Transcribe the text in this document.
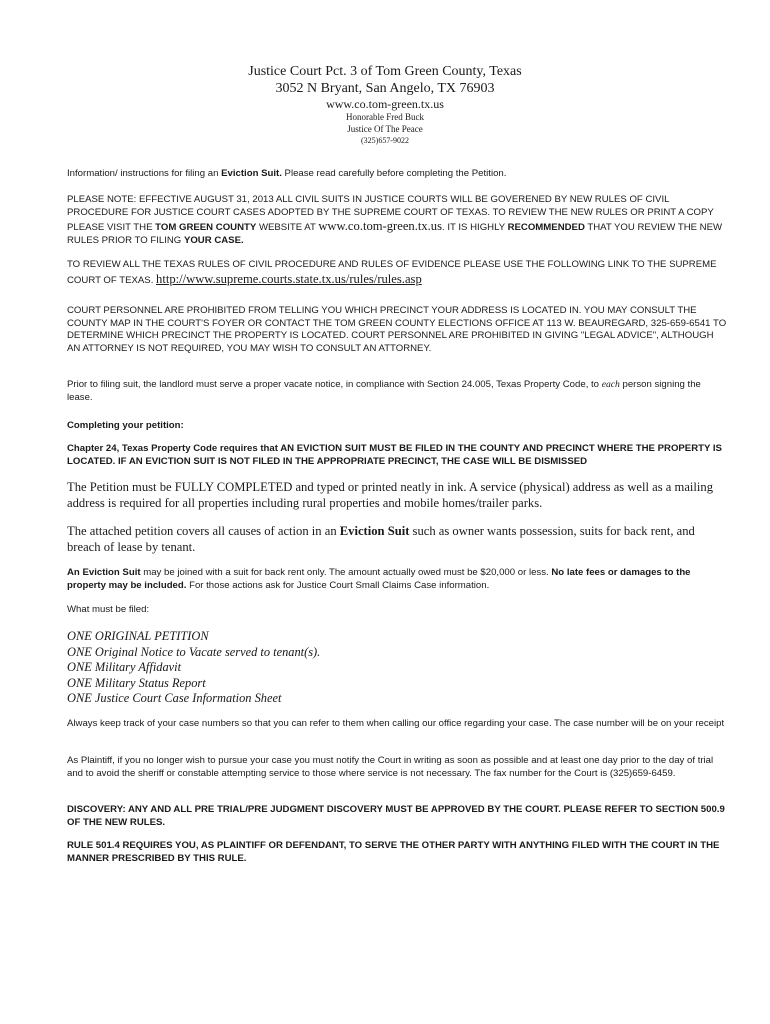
Justice Court Pct. 3 of Tom Green County, Texas
3052 N Bryant, San Angelo, TX 76903
www.co.tom-green.tx.us
Honorable Fred Buck
Justice Of The Peace
(325)657-9022

Information/ instructions for filing an Eviction Suit. Please read carefully before completing the Petition.

PLEASE NOTE: EFFECTIVE AUGUST 31, 2013 ALL CIVIL SUITS IN JUSTICE COURTS WILL BE GOVERENED BY NEW RULES OF CIVIL PROCEDURE FOR JUSTICE COURT CASES ADOPTED BY THE SUPREME COURT OF TEXAS. TO REVIEW THE NEW RULES OR PRINT A COPY PLEASE VISIT THE TOM GREEN COUNTY WEBSITE AT www.co.tom-green.tx.us. IT IS HIGHLY RECOMMENDED THAT YOU REVIEW THE NEW RULES PRIOR TO FILING YOUR CASE.

TO REVIEW ALL THE TEXAS RULES OF CIVIL PROCEDURE AND RULES OF EVIDENCE PLEASE USE THE FOLLOWING LINK TO THE SUPREME COURT OF TEXAS. http://www.supreme.courts.state.tx.us/rules/rules.asp

COURT PERSONNEL ARE PROHIBITED FROM TELLING YOU WHICH PRECINCT YOUR ADDRESS IS LOCATED IN. YOU MAY CONSULT THE COUNTY MAP IN THE COURT'S FOYER OR CONTACT THE TOM GREEN COUNTY ELECTIONS OFFICE AT 113 W. BEAUREGARD, 325-659-6541 TO DETERMINE WHICH PRECINCT THE PROPERTY IS LOCATED. COURT PERSONNEL ARE PROHIBITED IN GIVING "LEGAL ADVICE", ALTHOUGH AN ATTORNEY IS NOT REQUIRED, YOU MAY WISH TO CONSULT AN ATTORNEY.

Prior to filing suit, the landlord must serve a proper vacate notice, in compliance with Section 24.005, Texas Property Code, to each person signing the lease.

Completing your petition:

Chapter 24, Texas Property Code requires that AN EVICTION SUIT MUST BE FILED IN THE COUNTY AND PRECINCT WHERE THE PROPERTY IS LOCATED. IF AN EVICTION SUIT IS NOT FILED IN THE APPROPRIATE PRECINCT, THE CASE WILL BE DISMISSED

The Petition must be FULLY COMPLETED and typed or printed neatly in ink. A service (physical) address as well as a mailing address is required for all properties including rural properties and mobile homes/trailer parks.

The attached petition covers all causes of action in an Eviction Suit such as owner wants possession, suits for back rent, and breach of lease by tenant.

An Eviction Suit may be joined with a suit for back rent only. The amount actually owed must be $20,000 or less. No late fees or damages to the property may be included. For those actions ask for Justice Court Small Claims Case information.

What must be filed:

ONE ORIGINAL PETITION
ONE Original Notice to Vacate served to tenant(s).
ONE Military Affidavit
ONE Military Status Report
ONE Justice Court Case Information Sheet

Always keep track of your case numbers so that you can refer to them when calling our office regarding your case. The case number will be on your receipt

As Plaintiff, if you no longer wish to pursue your case you must notify the Court in writing as soon as possible and at least one day prior to the day of trial and to avoid the sheriff or constable attempting service to those where service is not necessary. The fax number for the Court is (325)659-6459.

DISCOVERY: ANY AND ALL PRE TRIAL/PRE JUDGMENT DISCOVERY MUST BE APPROVED BY THE COURT. PLEASE REFER TO SECTION 500.9 OF THE NEW RULES.

RULE 501.4 REQUIRES YOU, AS PLAINTIFF OR DEFENDANT, TO SERVE THE OTHER PARTY WITH ANYTHING FILED WITH THE COURT IN THE MANNER PRESCRIBED BY THIS RULE.
